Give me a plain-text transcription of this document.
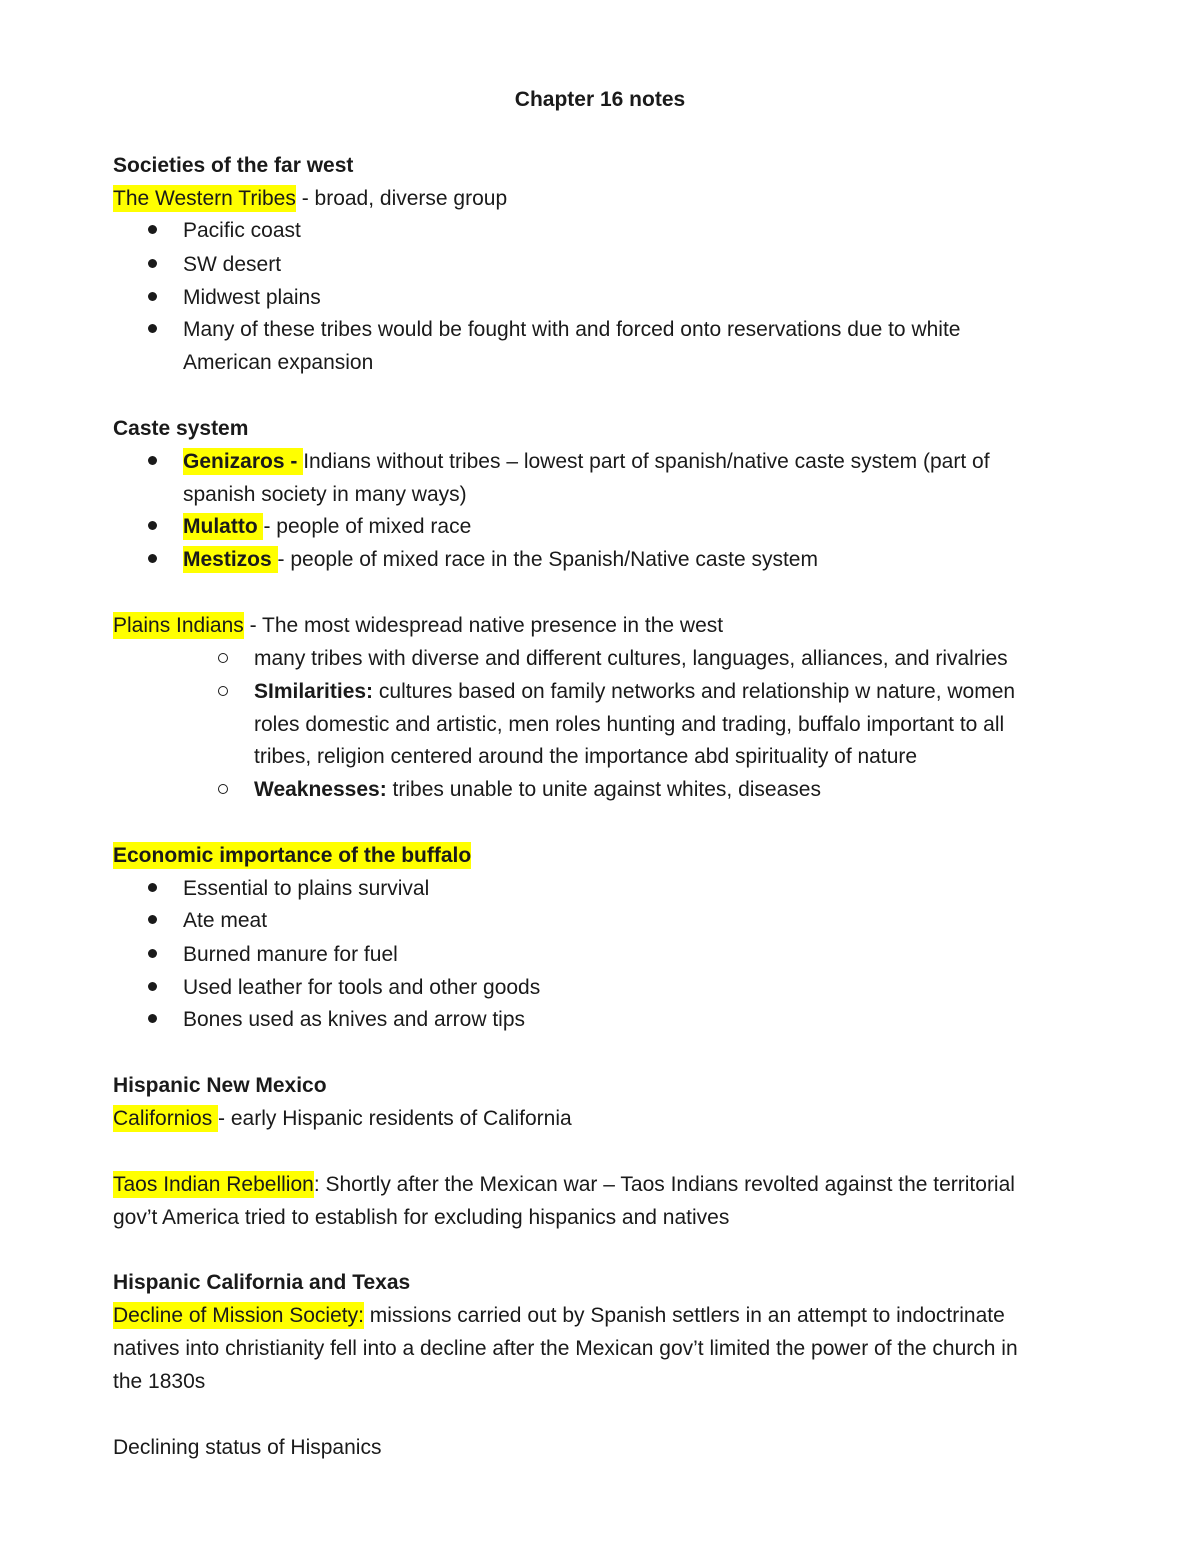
Chapter 16 notes
Societies of the far west
The Western Tribes - broad, diverse group
Pacific coast
SW desert
Midwest plains
Many of these tribes would be fought with and forced onto reservations due to white
American expansion
Caste system
Genizaros - Indians without tribes – lowest part of spanish/native caste system (part of
spanish society in many ways)
Mulatto - people of mixed race
Mestizos - people of mixed race in the Spanish/Native caste system
Plains Indians - The most widespread native presence in the west
many tribes with diverse and different cultures, languages, alliances, and rivalries
SImilarities: cultures based on family networks and relationship w nature, women
roles domestic and artistic, men roles hunting and trading, buffalo important to all
tribes, religion centered around the importance abd spirituality of nature
Weaknesses: tribes unable to unite against whites, diseases
Economic importance of the buffalo
Essential to plains survival
Ate meat
Burned manure for fuel
Used leather for tools and other goods
Bones used as knives and arrow tips
Hispanic New Mexico
Californios - early Hispanic residents of California
Taos Indian Rebellion: Shortly after the Mexican war – Taos Indians revolted against the territorial
gov’t America tried to establish for excluding hispanics and natives
Hispanic California and Texas
Decline of Mission Society: missions carried out by Spanish settlers in an attempt to indoctrinate
natives into christianity fell into a decline after the Mexican gov’t limited the power of the church in
the 1830s
Declining status of Hispanics
